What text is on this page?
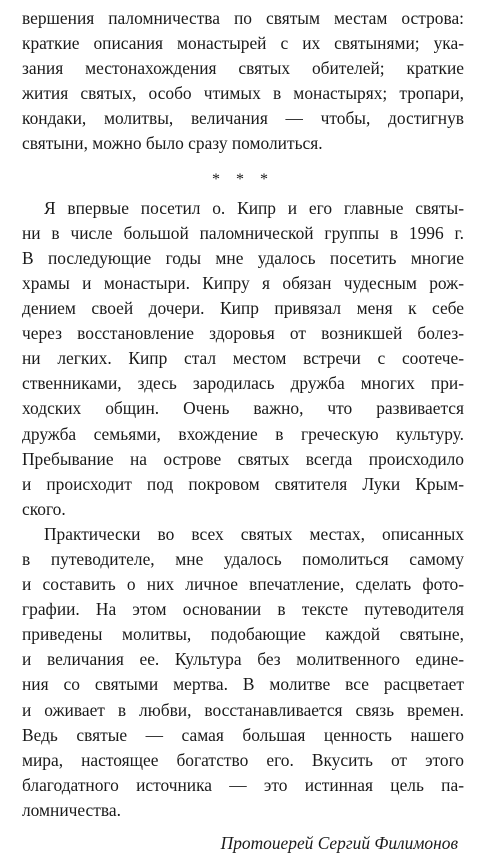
вершения паломничества по святым местам острова:
краткие описания монастырей с их святынями; ука-
зания местонахождения святых обителей; краткие
жития святых, особо чтимых в монастырях; тропари,
кондаки, молитвы, величания — чтобы, достигнув
святыни, можно было сразу помолиться.
* * *
Я впервые посетил о. Кипр и его главные святы-
ни в числе большой паломнической группы в 1996 г.
В последующие годы мне удалось посетить многие
храмы и монастыри. Кипру я обязан чудесным рож-
дением своей дочери. Кипр привязал меня к себе
через восстановление здоровья от возникшей болез-
ни легких. Кипр стал местом встречи с соотече-
ственниками, здесь зародилась дружба многих при-
ходских общин. Очень важно, что развивается
дружба семьями, вхождение в греческую культуру.
Пребывание на острове святых всегда происходило
и происходит под покровом святителя Луки Крым-
ского.
Практически во всех святых местах, описанных
в путеводителе, мне удалось помолиться самому
и составить о них личное впечатление, сделать фото-
графии. На этом основании в тексте путеводителя
приведены молитвы, подобающие каждой святыне,
и величания ее. Культура без молитвенного едине-
ния со святыми мертва. В молитве все расцветает
и оживает в любви, восстанавливается связь времен.
Ведь святые — самая большая ценность нашего
мира, настоящее богатство его. Вкусить от этого
благодатного источника — это истинная цель па-
ломничества.
Протоиерей Сергий Филимонов
